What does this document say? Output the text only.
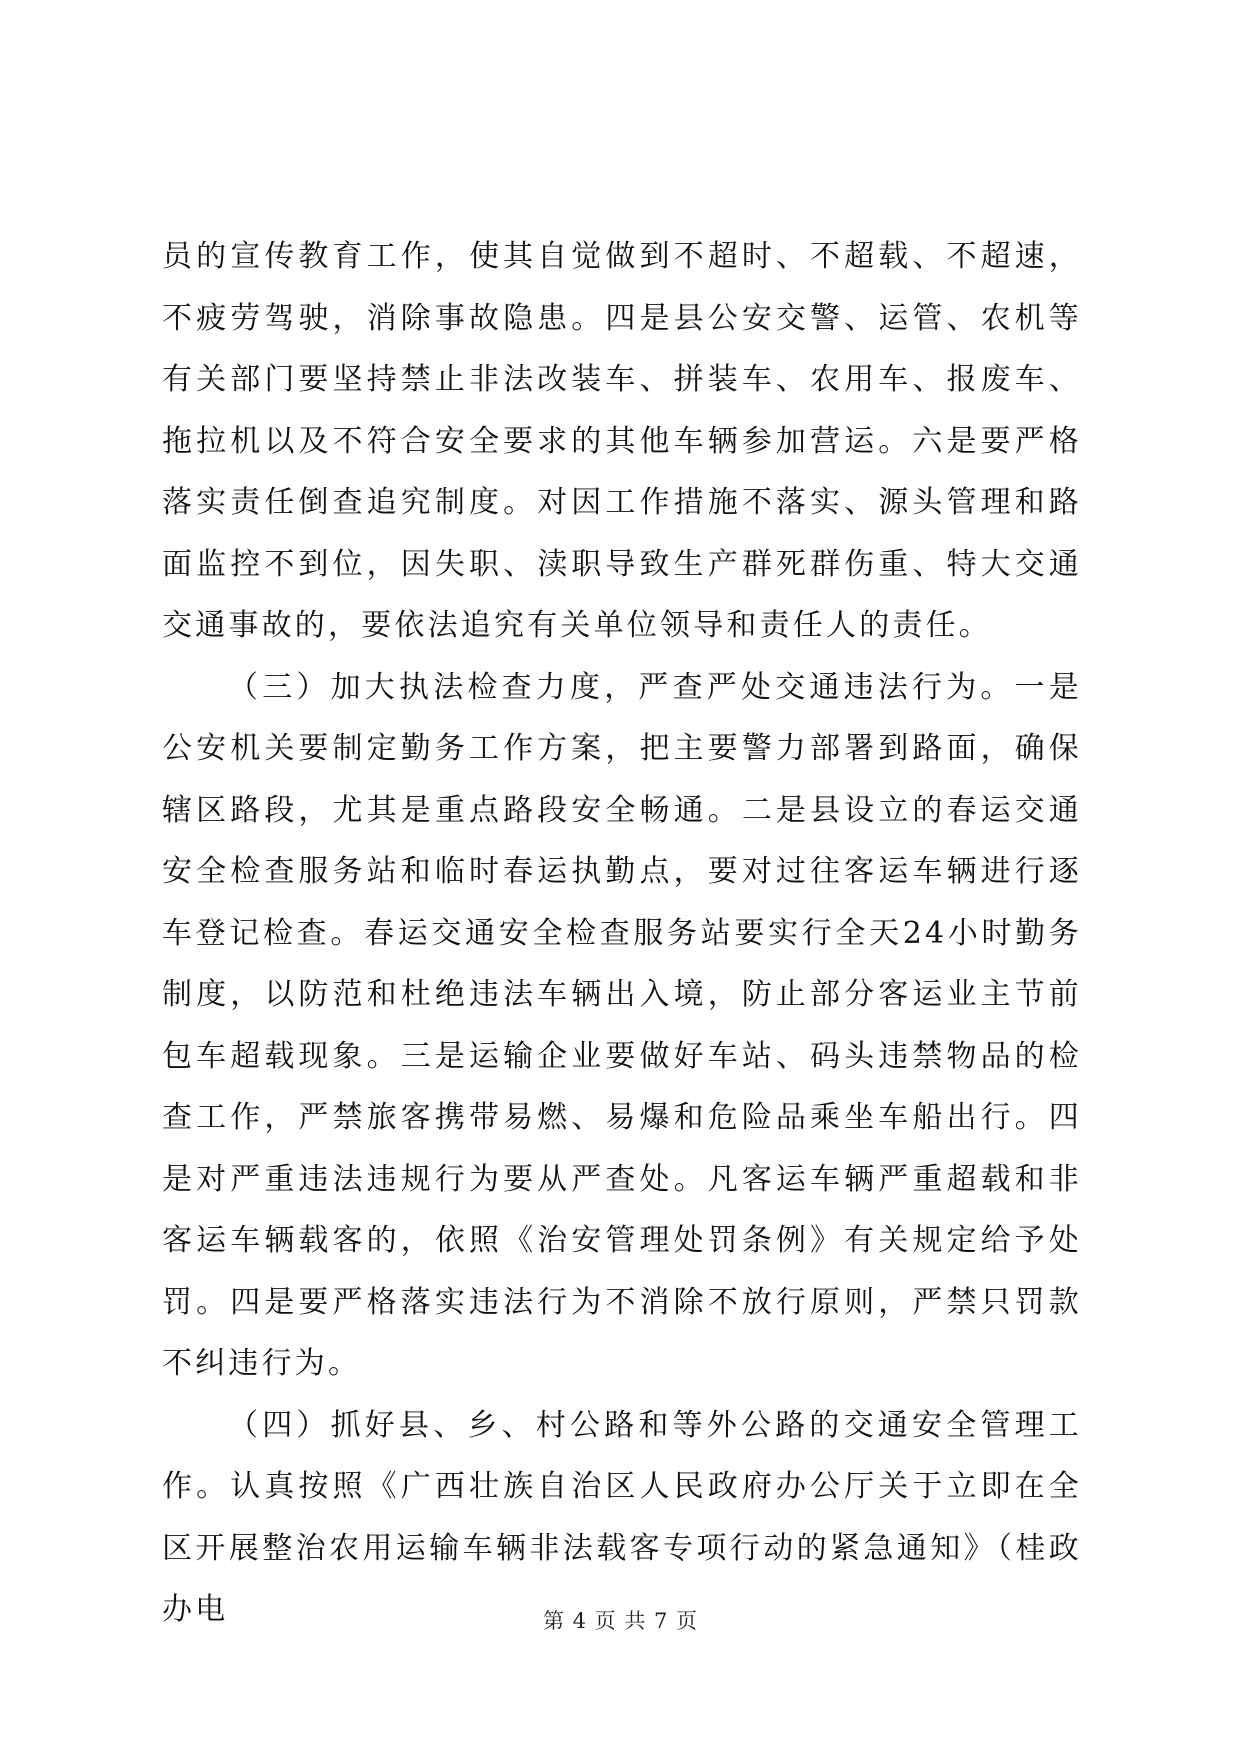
员的宣传教育工作，使其自觉做到不超时、不超载、不超速，不疲劳驾驶，消除事故隐患。四是县公安交警、运管、农机等有关部门要坚持禁止非法改装车、拼装车、农用车、报废车、拖拉机以及不符合安全要求的其他车辆参加营运。六是要严格落实责任倒查追究制度。对因工作措施不落实、源头管理和路面监控不到位，因失职、渎职导致生产群死群伤重、特大交通交通事故的，要依法追究有关单位领导和责任人的责任。

（三）加大执法检查力度，严查严处交通违法行为。一是公安机关要制定勤务工作方案，把主要警力部署到路面，确保辖区路段，尤其是重点路段安全畅通。二是县设立的春运交通安全检查服务站和临时春运执勤点，要对过往客运车辆进行逐车登记检查。春运交通安全检查服务站要实行全天24小时勤务制度，以防范和杜绝违法车辆出入境，防止部分客运业主节前包车超载现象。三是运输企业要做好车站、码头违禁物品的检查工作，严禁旅客携带易燃、易爆和危险品乘坐车船出行。四是对严重违法违规行为要从严查处。凡客运车辆严重超载和非客运车辆载客的，依照《治安管理处罚条例》有关规定给予处罚。四是要严格落实违法行为不消除不放行原则，严禁只罚款不纠违行为。

（四）抓好县、乡、村公路和等外公路的交通安全管理工作。认真按照《广西壮族自治区人民政府办公厅关于立即在全区开展整治农用运输车辆非法载客专项行动的紧急通知》（桂政办电	第 4 页 共 7 页
